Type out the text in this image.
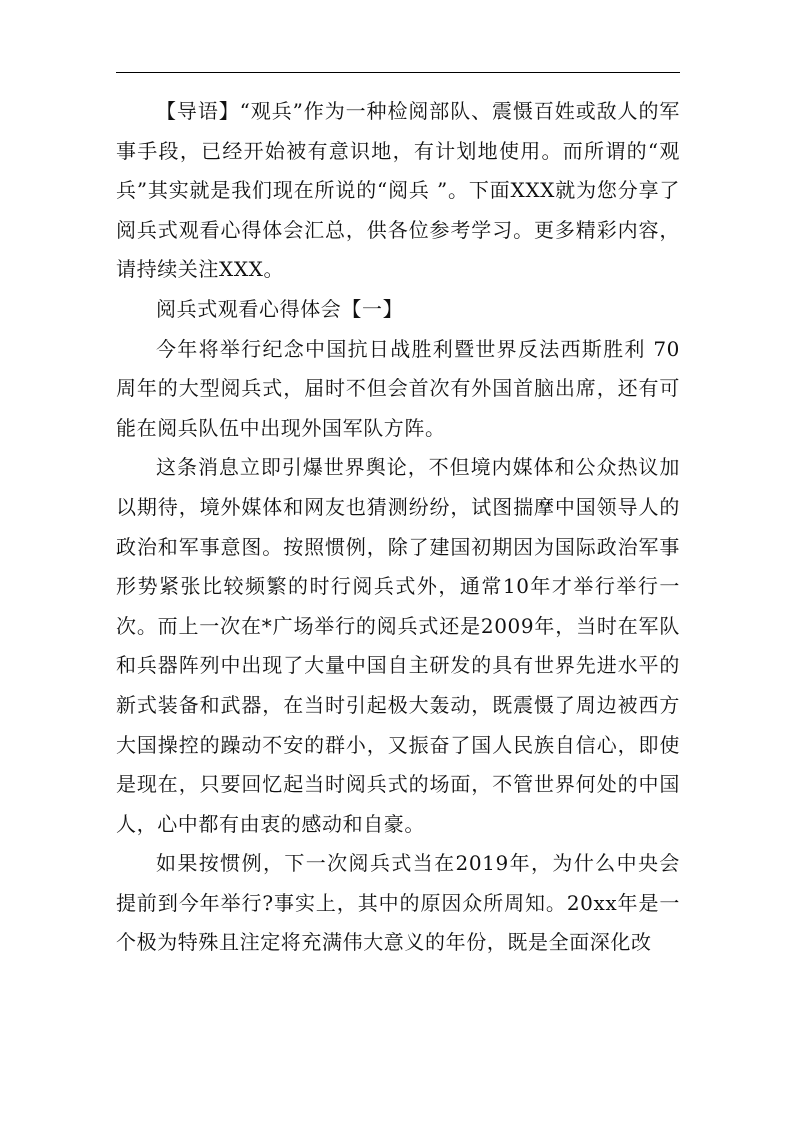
【导语】“观兵”作为一种检阅部队、震慑百姓或敌人的军事手段，已经开始被有意识地，有计划地使用。而所谓的“观兵”其实就是我们现在所说的“阅兵 ”。下面XXX就为您分享了阅兵式观看心得体会汇总，供各位参考学习。更多精彩内容，请持续关注XXX。

阅兵式观看心得体会【一】

今年将举行纪念中国抗日战胜利暨世界反法西斯胜利 70周年的大型阅兵式，届时不但会首次有外国首脑出席，还有可能在阅兵队伍中出现外国军队方阵。

这条消息立即引爆世界舆论，不但境内媒体和公众热议加以期待，境外媒体和网友也猜测纷纷，试图揣摩中国领导人的政治和军事意图。按照惯例，除了建国初期因为国际政治军事形势紧张比较频繁的时行阅兵式外，通常10年才举行举行一次。而上一次在*广场举行的阅兵式还是2009年，当时在军队和兵器阵列中出现了大量中国自主研发的具有世界先进水平的新式装备和武器，在当时引起极大轰动，既震慑了周边被西方大国操控的躁动不安的群小，又振奋了国人民族自信心，即使是现在，只要回忆起当时阅兵式的场面，不管世界何处的中国人，心中都有由衷的感动和自豪。

如果按惯例，下一次阅兵式当在2019年，为什么中央会提前到今年举行?事实上，其中的原因众所周知。20xx年是一个极为特殊且注定将充满伟大意义的年份，既是全面深化改
